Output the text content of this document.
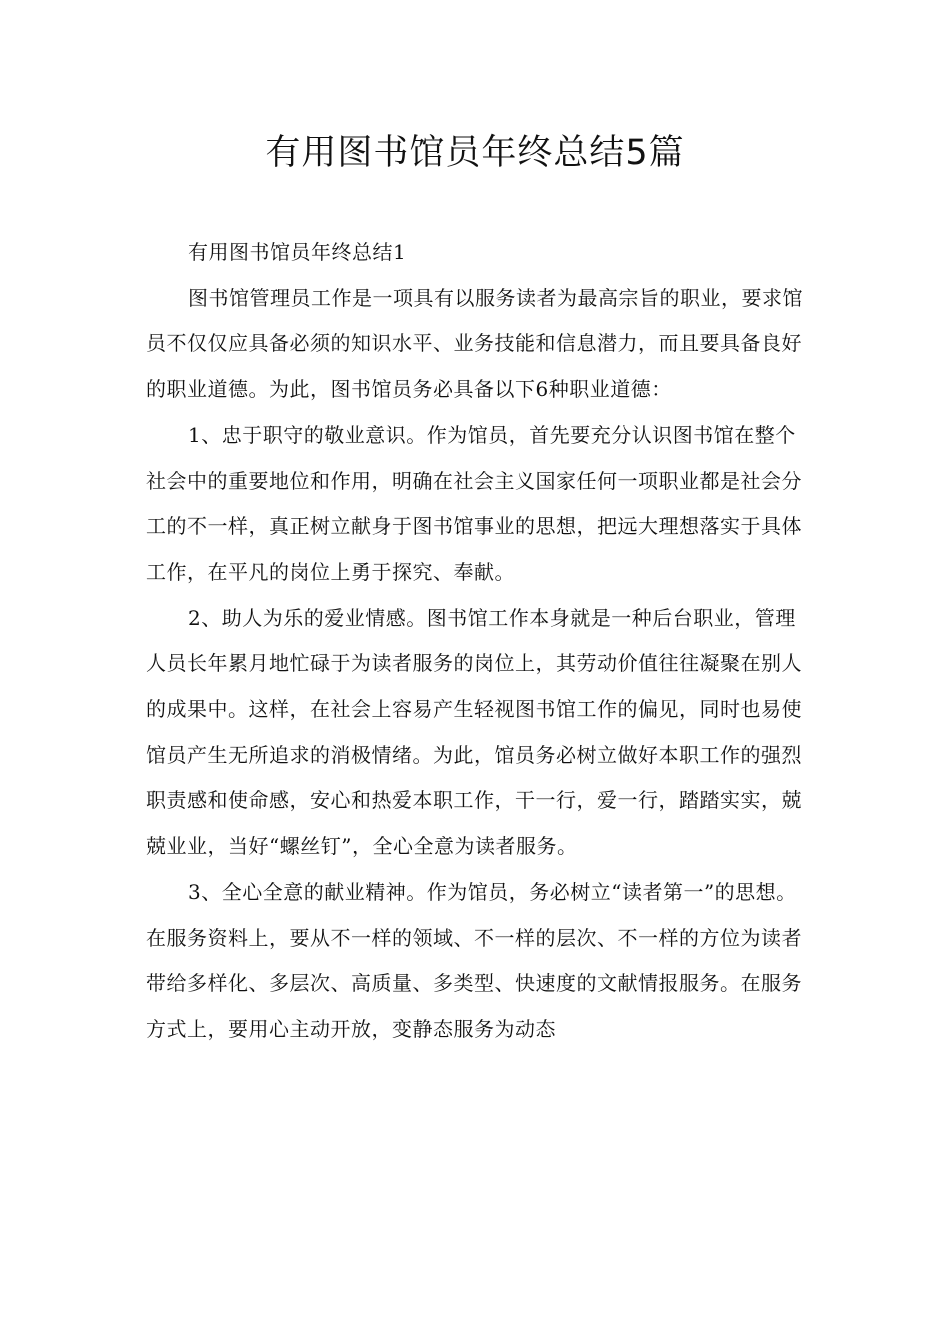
有用图书馆员年终总结5篇

有用图书馆员年终总结1

图书馆管理员工作是一项具有以服务读者为最高宗旨的职业，要求馆员不仅仅应具备必须的知识水平、业务技能和信息潜力，而且要具备良好的职业道德。为此，图书馆员务必具备以下6种职业道德：

1、忠于职守的敬业意识。作为馆员，首先要充分认识图书馆在整个社会中的重要地位和作用，明确在社会主义国家任何一项职业都是社会分工的不一样，真正树立献身于图书馆事业的思想，把远大理想落实于具体工作，在平凡的岗位上勇于探究、奉献。

2、助人为乐的爱业情感。图书馆工作本身就是一种后台职业，管理人员长年累月地忙碌于为读者服务的岗位上，其劳动价值往往凝聚在别人的成果中。这样，在社会上容易产生轻视图书馆工作的偏见，同时也易使馆员产生无所追求的消极情绪。为此，馆员务必树立做好本职工作的强烈职责感和使命感，安心和热爱本职工作，干一行，爱一行，踏踏实实，兢兢业业，当好“螺丝钉”，全心全意为读者服务。

3、全心全意的献业精神。作为馆员，务必树立“读者第一”的思想。在服务资料上，要从不一样的领域、不一样的层次、不一样的方位为读者带给多样化、多层次、高质量、多类型、快速度的文献情报服务。在服务方式上，要用心主动开放，变静态服务为动态
